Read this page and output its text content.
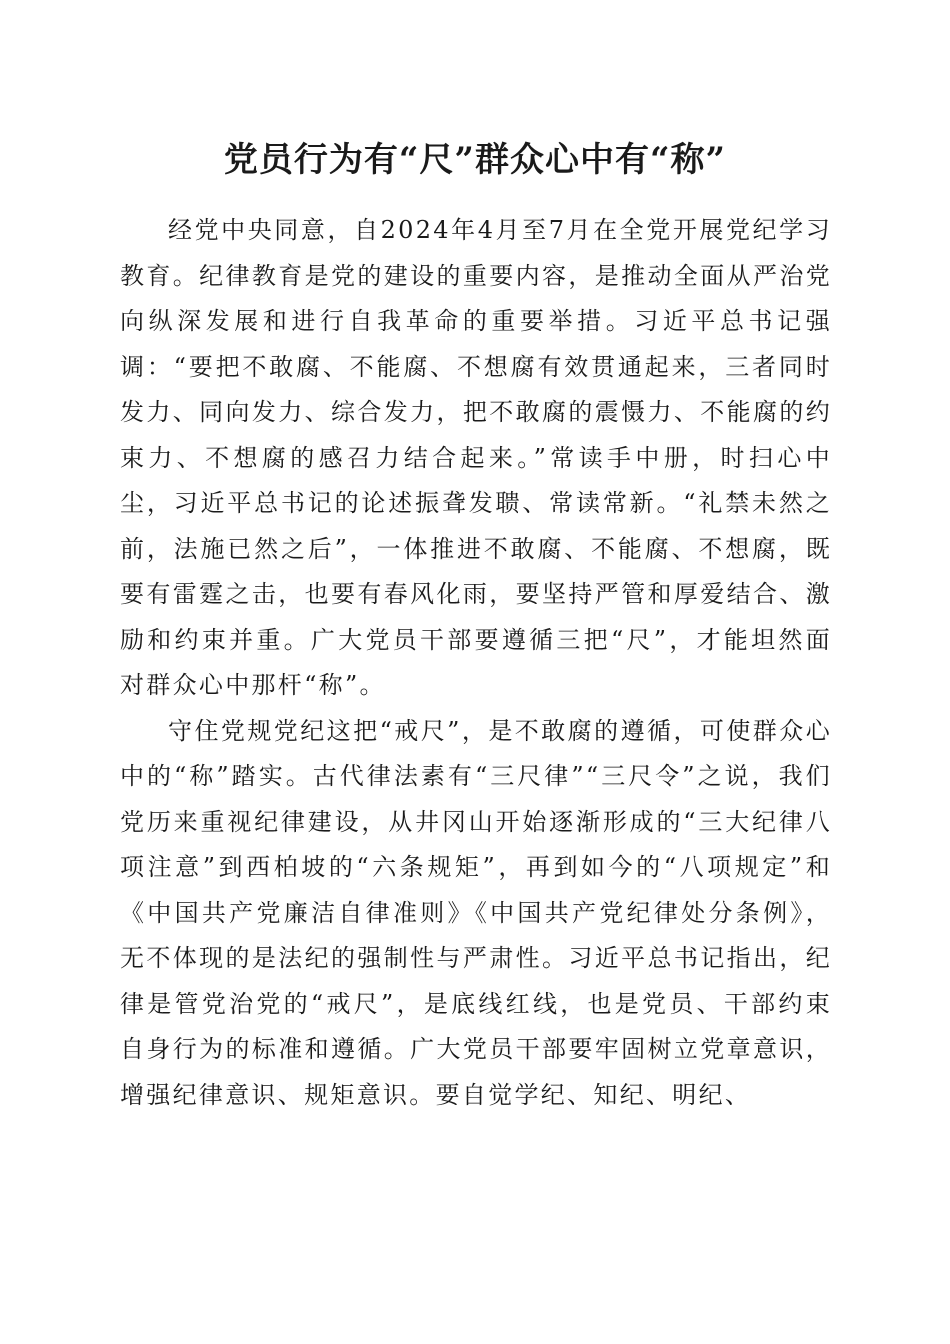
党员行为有“尺”群众心中有“称”

经党中央同意，自2024年4月至7月在全党开展党纪学习教育。纪律教育是党的建设的重要内容，是推动全面从严治党向纵深发展和进行自我革命的重要举措。习近平总书记强调：“要把不敢腐、不能腐、不想腐有效贯通起来，三者同时发力、同向发力、综合发力，把不敢腐的震慑力、不能腐的约束力、不想腐的感召力结合起来。”常读手中册，时扫心中尘，习近平总书记的论述振聋发聩、常读常新。“礼禁未然之前，法施已然之后”，一体推进不敢腐、不能腐、不想腐，既要有雷霆之击，也要有春风化雨，要坚持严管和厚爱结合、激励和约束并重。广大党员干部要遵循三把“尺”，才能坦然面对群众心中那杆“称”。

守住党规党纪这把“戒尺”，是不敢腐的遵循，可使群众心中的“称”踏实。古代律法素有“三尺律”“三尺令”之说，我们党历来重视纪律建设，从井冈山开始逐渐形成的“三大纪律八项注意”到西柏坡的“六条规矩”，再到如今的“八项规定”和《中国共产党廉洁自律准则》《中国共产党纪律处分条例》，无不体现的是法纪的强制性与严肃性。习近平总书记指出，纪律是管党治党的“戒尺”，是底线红线，也是党员、干部约束自身行为的标准和遵循。广大党员干部要牢固树立党章意识，增强纪律意识、规矩意识。要自觉学纪、知纪、明纪、
